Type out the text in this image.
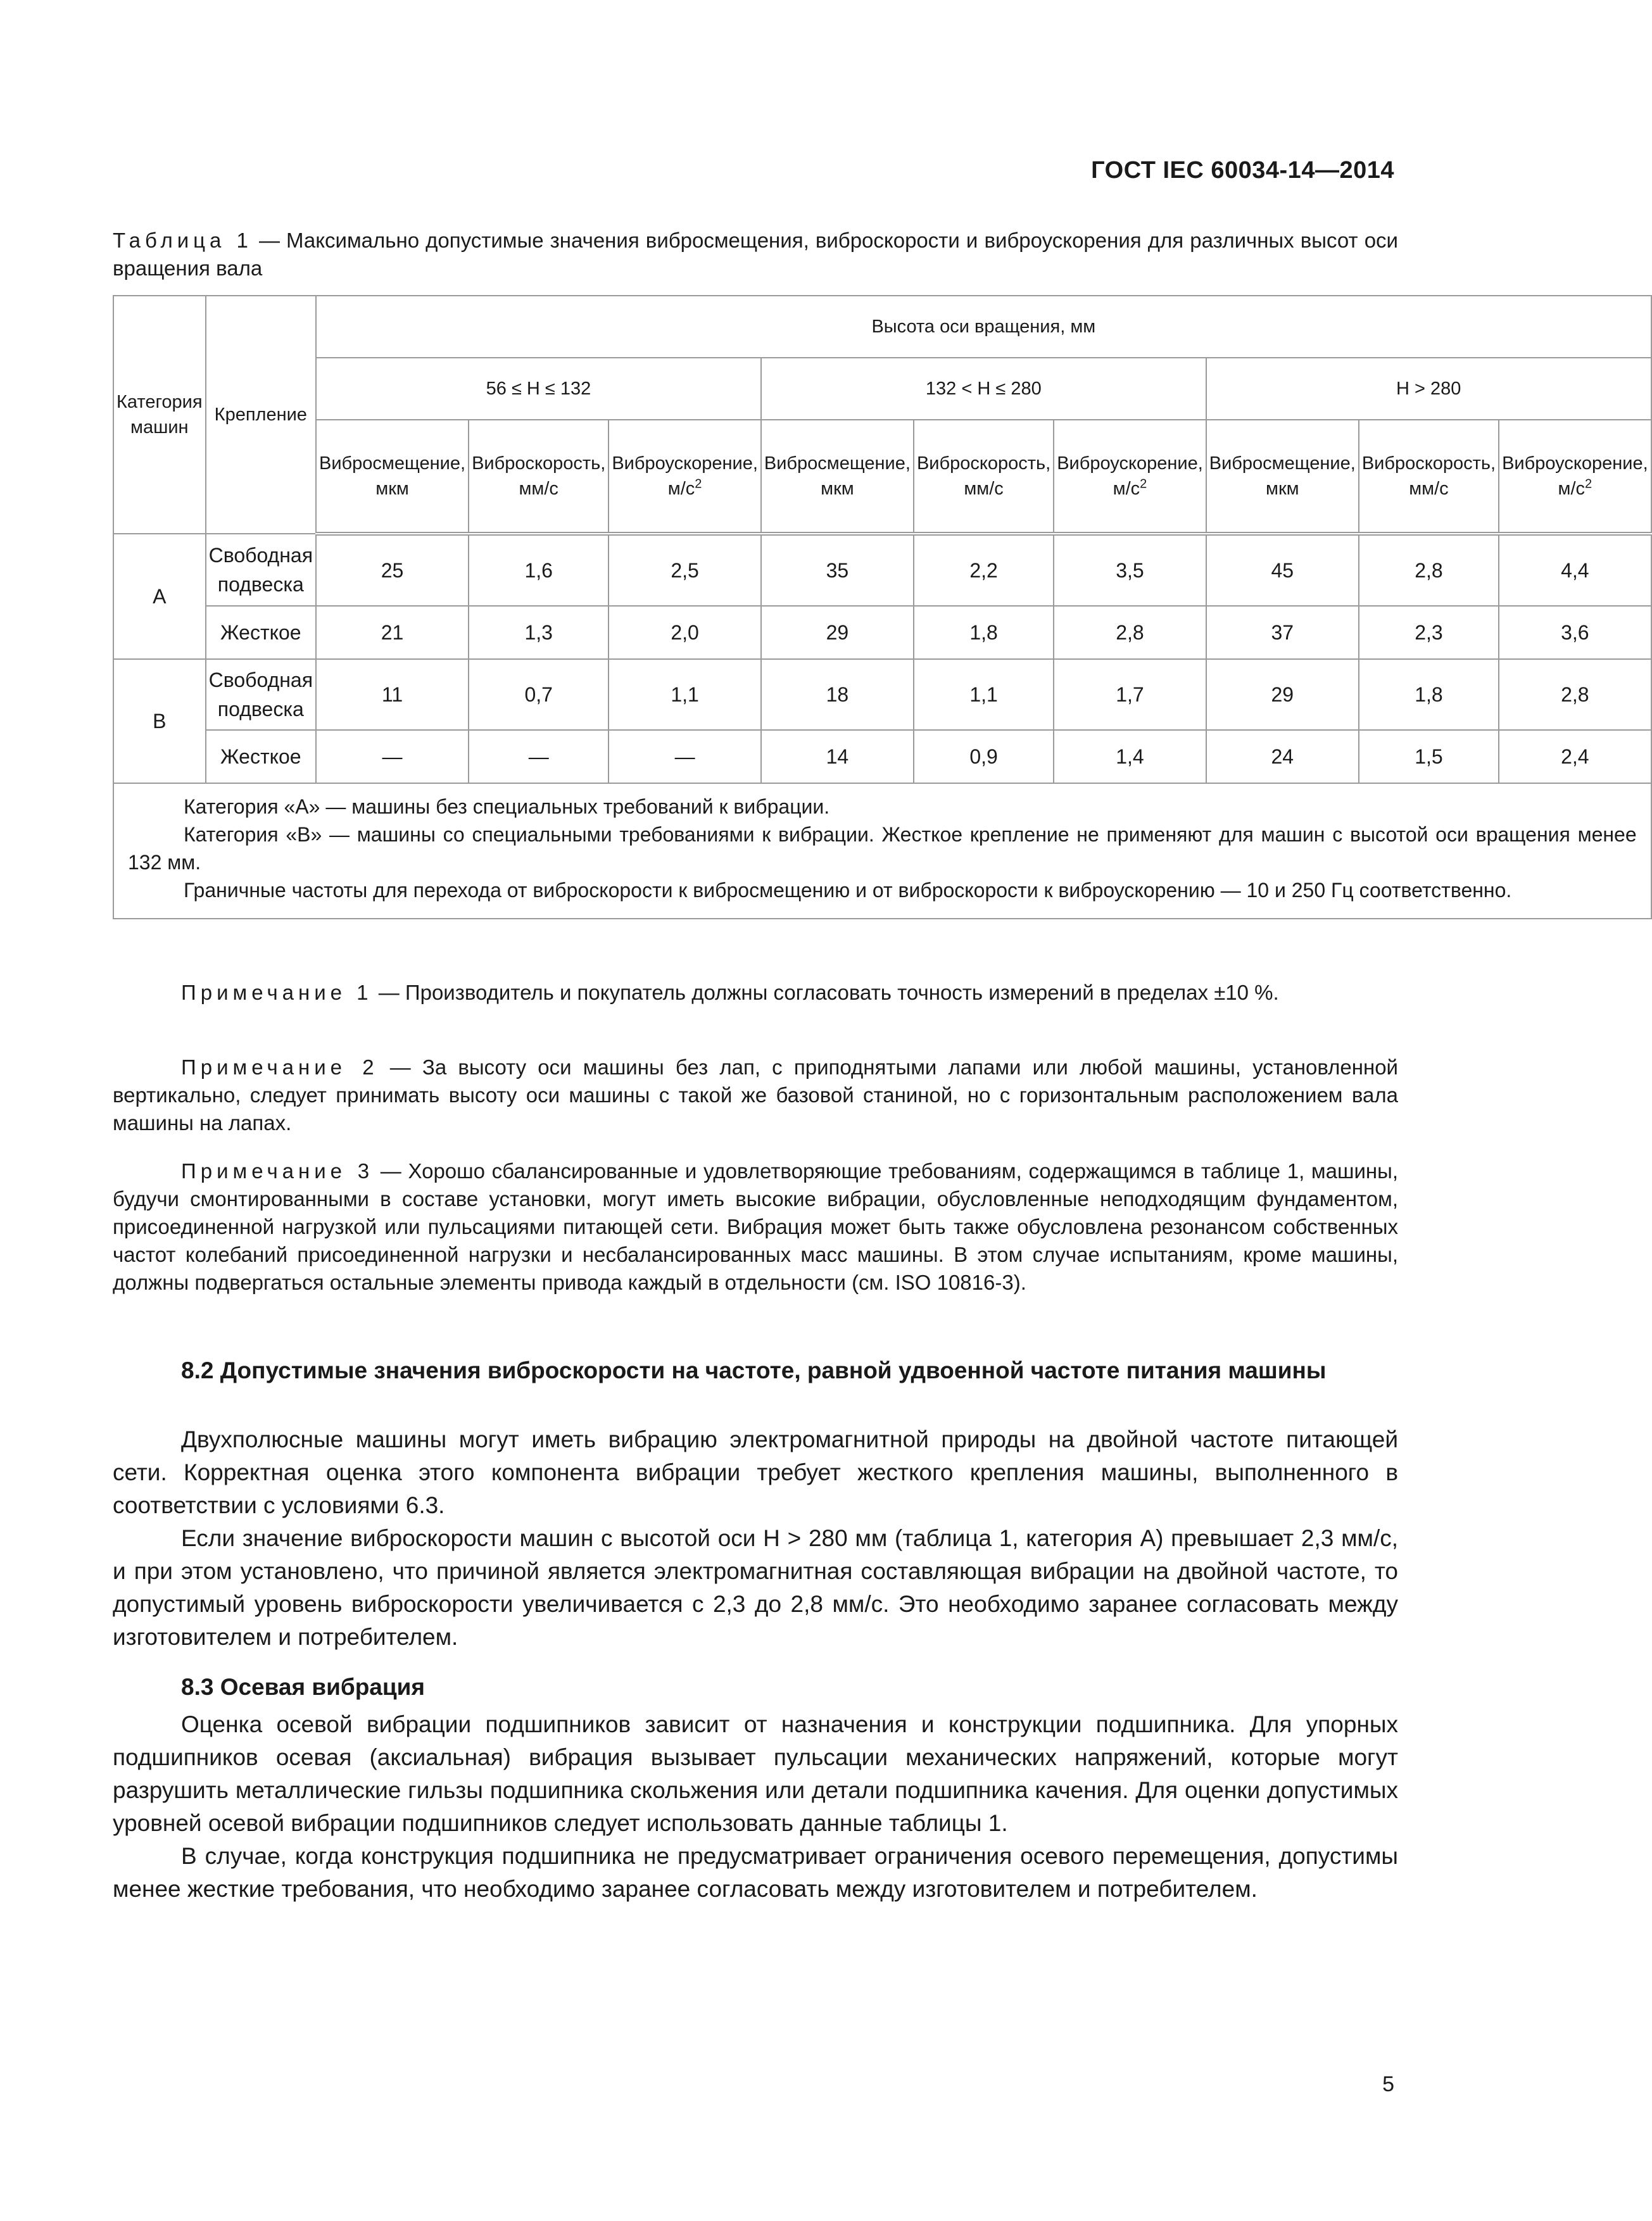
ГОСТ IEC 60034-14—2014
Таблица 1 — Максимально допустимые значения вибросмещения, виброскорости и виброускорения для различных высот оси вращения вала
Категория машин	Крепление	Высота оси вращения, мм								
		56 ≤ H ≤ 132			132 < H ≤ 280			H > 280		
		Вибросмещение, мкм	Виброскорость, мм/с	Виброускорение, $м/с^2$	Вибросмещение, мкм	Виброскорость, мм/с	Виброускорение, $м/с^2$	Вибросмещение, мкм	Виброскорость, мм/с	Виброускорение, $м/с^2$
A	Свободная подвеска	25	1,6	2,5	35	2,2	3,5	45	2,8	4,4
	Жесткое	21	1,3	2,0	29	1,8	2,8	37	2,3	3,6
B	Свободная подвеска	11	0,7	1,1	18	1,1	1,7	29	1,8	2,8
	Жесткое	—	—	—	14	0,9	1,4	24	1,5	2,4

Категория «А» — машины без специальных требований к вибрации.
Категория «В» — машины со специальными требованиями к вибрации. Жесткое крепление не применяют для машин с высотой оси вращения менее 132 мм.
Граничные частоты для перехода от виброскорости к вибросмещению и от виброскорости к виброускорению — 10 и 250 Гц соответственно.										

Примечание 1 — Производитель и покупатель должны согласовать точность измерений в пределах ±10 %.

Примечание 2 — За высоту оси машины без лап, с приподнятыми лапами или любой машины, установленной вертикально, следует принимать высоту оси машины с такой же базовой станиной, но с горизонтальным расположением вала машины на лапах.

Примечание 3 — Хорошо сбалансированные и удовлетворяющие требованиям, содержащимся в таблице 1, машины, будучи смонтированными в составе установки, могут иметь высокие вибрации, обусловленные неподходящим фундаментом, присоединенной нагрузкой или пульсациями питающей сети. Вибрация может быть также обусловлена резонансом собственных частот колебаний присоединенной нагрузки и несбалансированных масс машины. В этом случае испытаниям, кроме машины, должны подвергаться остальные элементы привода каждый в отдельности (см. ISO 10816-3).

8.2 Допустимые значения виброскорости на частоте, равной удвоенной частоте питания машины

Двухполюсные машины могут иметь вибрацию электромагнитной природы на двойной частоте питающей сети. Корректная оценка этого компонента вибрации требует жесткого крепления машины, выполненного в соответствии с условиями 6.3.

Если значение виброскорости машин с высотой оси H > 280 мм (таблица 1, категория А) превышает 2,3 мм/с, и при этом установлено, что причиной является электромагнитная составляющая вибрации на двойной частоте, то допустимый уровень виброскорости увеличивается с 2,3 до 2,8 мм/с. Это необходимо заранее согласовать между изготовителем и потребителем.

8.3 Осевая вибрация

Оценка осевой вибрации подшипников зависит от назначения и конструкции подшипника. Для упорных подшипников осевая (аксиальная) вибрация вызывает пульсации механических напряжений, которые могут разрушить металлические гильзы подшипника скольжения или детали подшипника качения. Для оценки допустимых уровней осевой вибрации подшипников следует использовать данные таблицы 1.

В случае, когда конструкция подшипника не предусматривает ограничения осевого перемещения, допустимы менее жесткие требования, что необходимо заранее согласовать между изготовителем и потребителем.

5
